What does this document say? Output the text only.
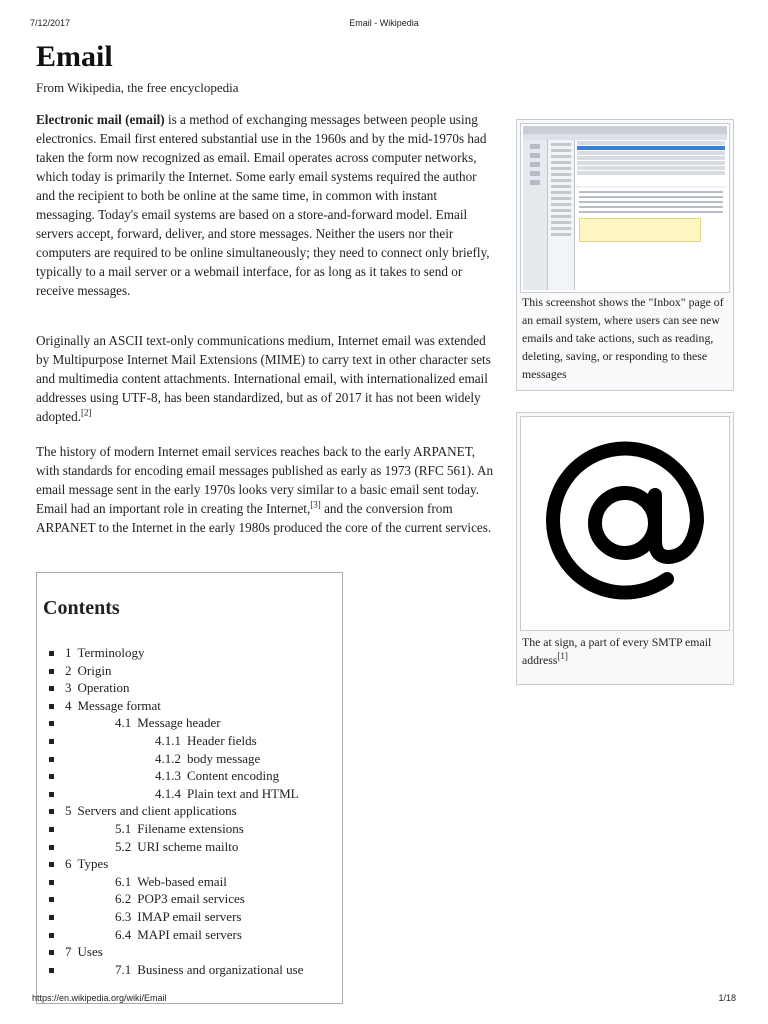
7/12/2017	Email - Wikipedia
Email
From Wikipedia, the free encyclopedia

Electronic mail (email) is a method of exchanging messages between people using electronics. Email first entered substantial use in the 1960s and by the mid-1970s had taken the form now recognized as email. Email operates across computer networks, which today is primarily the Internet. Some early email systems required the author and the recipient to both be online at the same time, in common with instant messaging. Today's email systems are based on a store-and-forward model. Email servers accept, forward, deliver, and store messages. Neither the users nor their computers are required to be online simultaneously; they need to connect only briefly, typically to a mail server or a webmail interface, for as long as it takes to send or receive messages.

Originally an ASCII text-only communications medium, Internet email was extended by Multipurpose Internet Mail Extensions (MIME) to carry text in other character sets and multimedia content attachments. International email, with internationalized email addresses using UTF-8, has been standardized, but as of 2017 it has not been widely adopted.[2]

The history of modern Internet email services reaches back to the early ARPANET, with standards for encoding email messages published as early as 1973 (RFC 561). An email message sent in the early 1970s looks very similar to a basic email sent today. Email had an important role in creating the Internet,[3] and the conversion from ARPANET to the Internet in the early 1980s produced the core of the current services.

Contents
1 Terminology
2 Origin
3 Operation
4 Message format
4.1 Message header
4.1.1 Header fields
4.1.2 body message
4.1.3 Content encoding
4.1.4 Plain text and HTML
5 Servers and client applications
5.1 Filename extensions
5.2 URI scheme mailto
6 Types
6.1 Web-based email
6.2 POP3 email services
6.3 IMAP email servers
6.4 MAPI email servers
7 Uses
7.1 Business and organizational use
This screenshot shows the "Inbox" page of an email system, where users can see new emails and take actions, such as reading, deleting, saving, or responding to these messages
The at sign, a part of every SMTP email address[1]
https://en.wikipedia.org/wiki/Email	1/18
